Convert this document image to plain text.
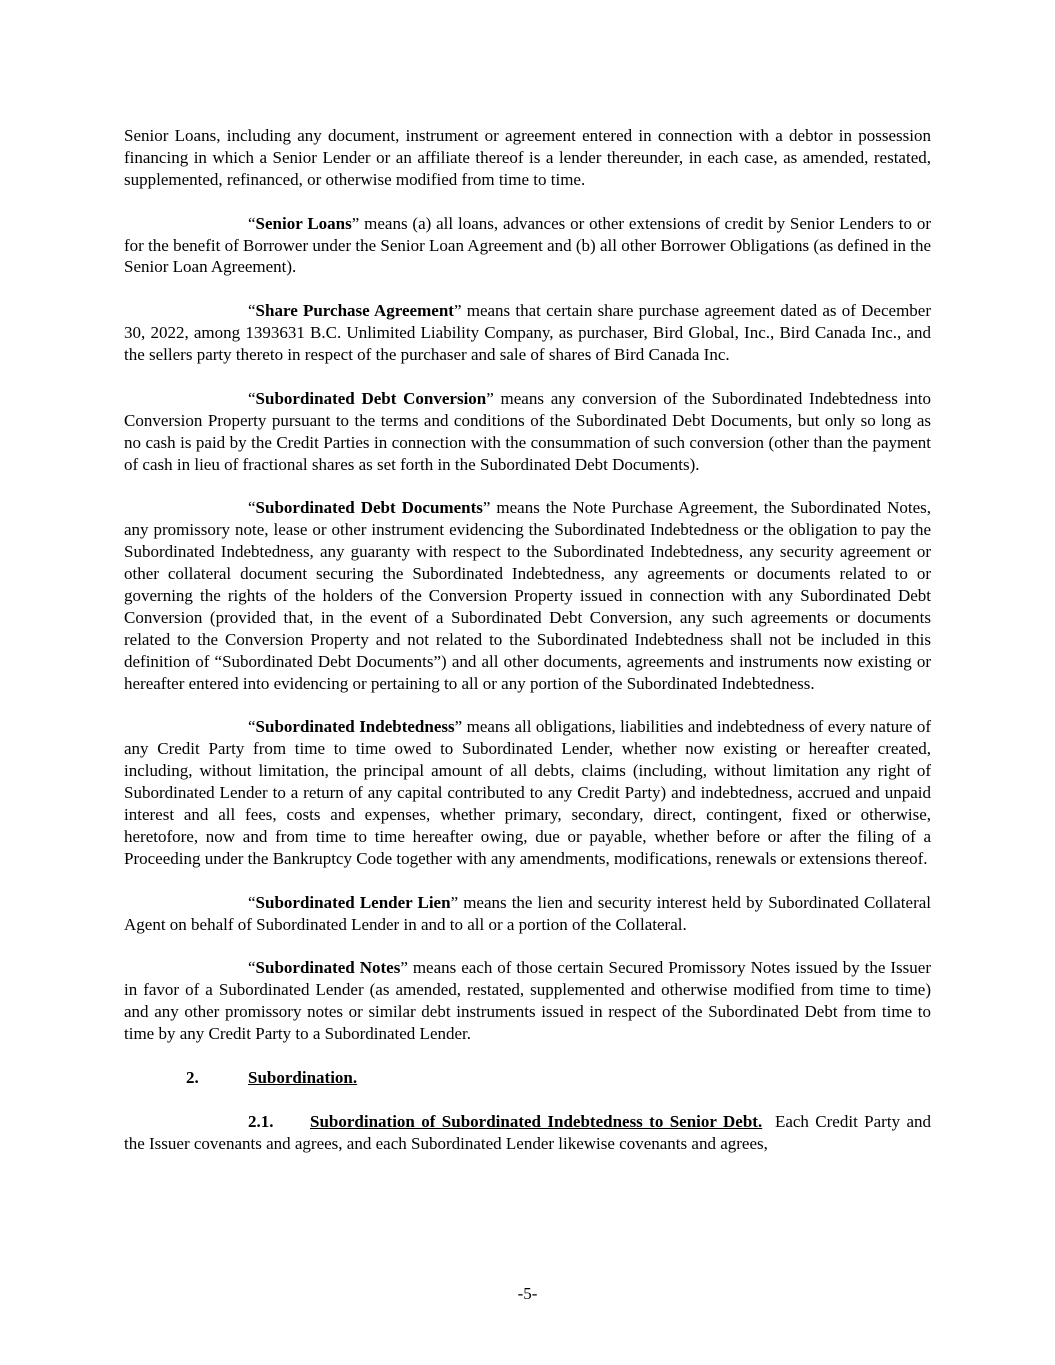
Senior Loans, including any document, instrument or agreement entered in connection with a debtor in possession financing in which a Senior Lender or an affiliate thereof is a lender thereunder, in each case, as amended, restated, supplemented, refinanced, or otherwise modified from time to time.

“Senior Loans” means (a) all loans, advances or other extensions of credit by Senior Lenders to or for the benefit of Borrower under the Senior Loan Agreement and (b) all other Borrower Obligations (as defined in the Senior Loan Agreement).

“Share Purchase Agreement” means that certain share purchase agreement dated as of December 30, 2022, among 1393631 B.C. Unlimited Liability Company, as purchaser, Bird Global, Inc., Bird Canada Inc., and the sellers party thereto in respect of the purchaser and sale of shares of Bird Canada Inc.

“Subordinated Debt Conversion” means any conversion of the Subordinated Indebtedness into Conversion Property pursuant to the terms and conditions of the Subordinated Debt Documents, but only so long as no cash is paid by the Credit Parties in connection with the consummation of such conversion (other than the payment of cash in lieu of fractional shares as set forth in the Subordinated Debt Documents).

“Subordinated Debt Documents” means the Note Purchase Agreement, the Subordinated Notes, any promissory note, lease or other instrument evidencing the Subordinated Indebtedness or the obligation to pay the Subordinated Indebtedness, any guaranty with respect to the Subordinated Indebtedness, any security agreement or other collateral document securing the Subordinated Indebtedness, any agreements or documents related to or governing the rights of the holders of the Conversion Property issued in connection with any Subordinated Debt Conversion (provided that, in the event of a Subordinated Debt Conversion, any such agreements or documents related to the Conversion Property and not related to the Subordinated Indebtedness shall not be included in this definition of “Subordinated Debt Documents”) and all other documents, agreements and instruments now existing or hereafter entered into evidencing or pertaining to all or any portion of the Subordinated Indebtedness.

“Subordinated Indebtedness” means all obligations, liabilities and indebtedness of every nature of any Credit Party from time to time owed to Subordinated Lender, whether now existing or hereafter created, including, without limitation, the principal amount of all debts, claims (including, without limitation any right of Subordinated Lender to a return of any capital contributed to any Credit Party) and indebtedness, accrued and unpaid interest and all fees, costs and expenses, whether primary, secondary, direct, contingent, fixed or otherwise, heretofore, now and from time to time hereafter owing, due or payable, whether before or after the filing of a Proceeding under the Bankruptcy Code together with any amendments, modifications, renewals or extensions thereof.

“Subordinated Lender Lien” means the lien and security interest held by Subordinated Collateral Agent on behalf of Subordinated Lender in and to all or a portion of the Collateral.

“Subordinated Notes” means each of those certain Secured Promissory Notes issued by the Issuer in favor of a Subordinated Lender (as amended, restated, supplemented and otherwise modified from time to time) and any other promissory notes or similar debt instruments issued in respect of the Subordinated Debt from time to time by any Credit Party to a Subordinated Lender.

2.	Subordination.

2.1. Subordination of Subordinated Indebtedness to Senior Debt.  Each Credit Party and the Issuer covenants and agrees, and each Subordinated Lender likewise covenants and agrees,

-5-
